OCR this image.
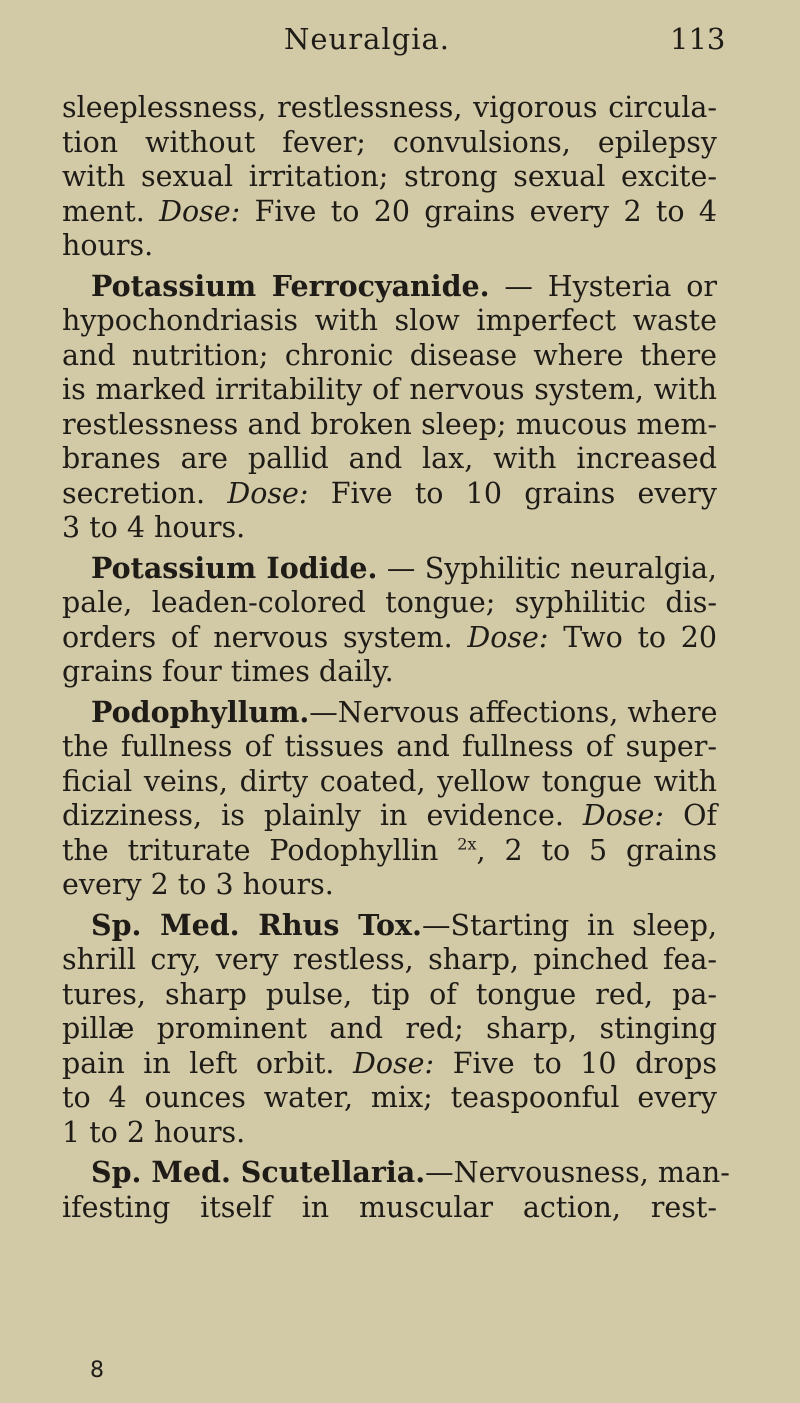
Neuralgia.	113
sleeplessness, restlessness, vigorous circula-
tion without fever; convulsions, epilepsy
with sexual irritation; strong sexual excite-
ment. Dose: Five to 20 grains every 2 to 4
hours.
Potassium Ferrocyanide. — Hysteria or
hypochondriasis with slow imperfect waste
and nutrition; chronic disease where there
is marked irritability of nervous system, with
restlessness and broken sleep; mucous mem-
branes are pallid and lax, with increased
secretion. Dose: Five to 10 grains every
3 to 4 hours.
Potassium Iodide. — Syphilitic neuralgia,
pale, leaden-colored tongue; syphilitic dis-
orders of nervous system. Dose: Two to 20
grains four times daily.
Podophyllum.—Nervous affections, where
the fullness of tissues and fullness of super-
ficial veins, dirty coated, yellow tongue with
dizziness, is plainly in evidence. Dose: Of
the triturate Podophyllin $^{2x}$, 2 to 5 grains
every 2 to 3 hours.
Sp. Med. Rhus Tox.—Starting in sleep,
shrill cry, very restless, sharp, pinched fea-
tures, sharp pulse, tip of tongue red, pa-
pillæ prominent and red; sharp, stinging
pain in left orbit. Dose: Five to 10 drops
to 4 ounces water, mix; teaspoonful every
1 to 2 hours.
Sp. Med. Scutellaria.—Nervousness, man-
ifesting itself in muscular action, rest-
8
